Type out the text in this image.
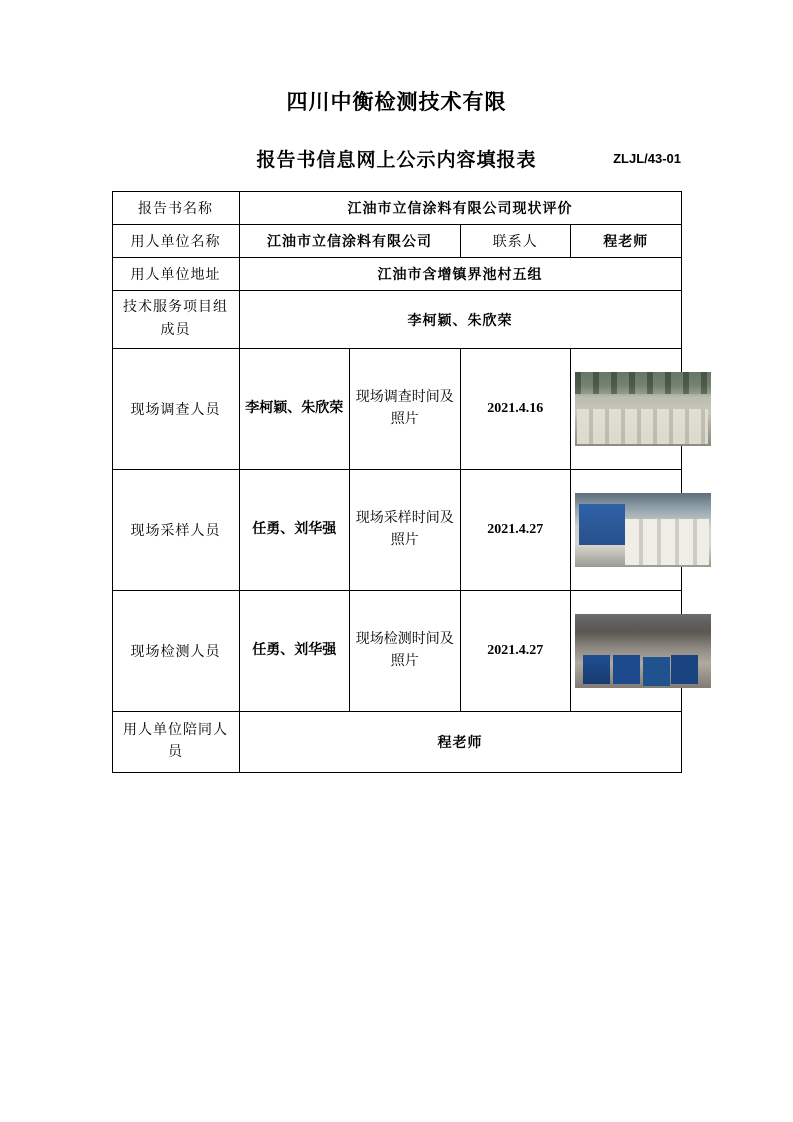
四川中衡检测技术有限
报告书信息网上公示内容填报表	ZLJL/43-01
报告书名称	江油市立信涂料有限公司现状评价			
用人单位名称	江油市立信涂料有限公司		联系人	程老师
用人单位地址	江油市含增镇界池村五组			
技术服务项目组成员	李柯颖、朱欣荣			
现场调查人员	李柯颖、朱欣荣	现场调查时间及照片	2021.4.16	

现场采样人员	任勇、刘华强	现场采样时间及照片	2021.4.27	

现场检测人员	任勇、刘华强	现场检测时间及照片	2021.4.27	

用人单位陪同人员	程老师			
